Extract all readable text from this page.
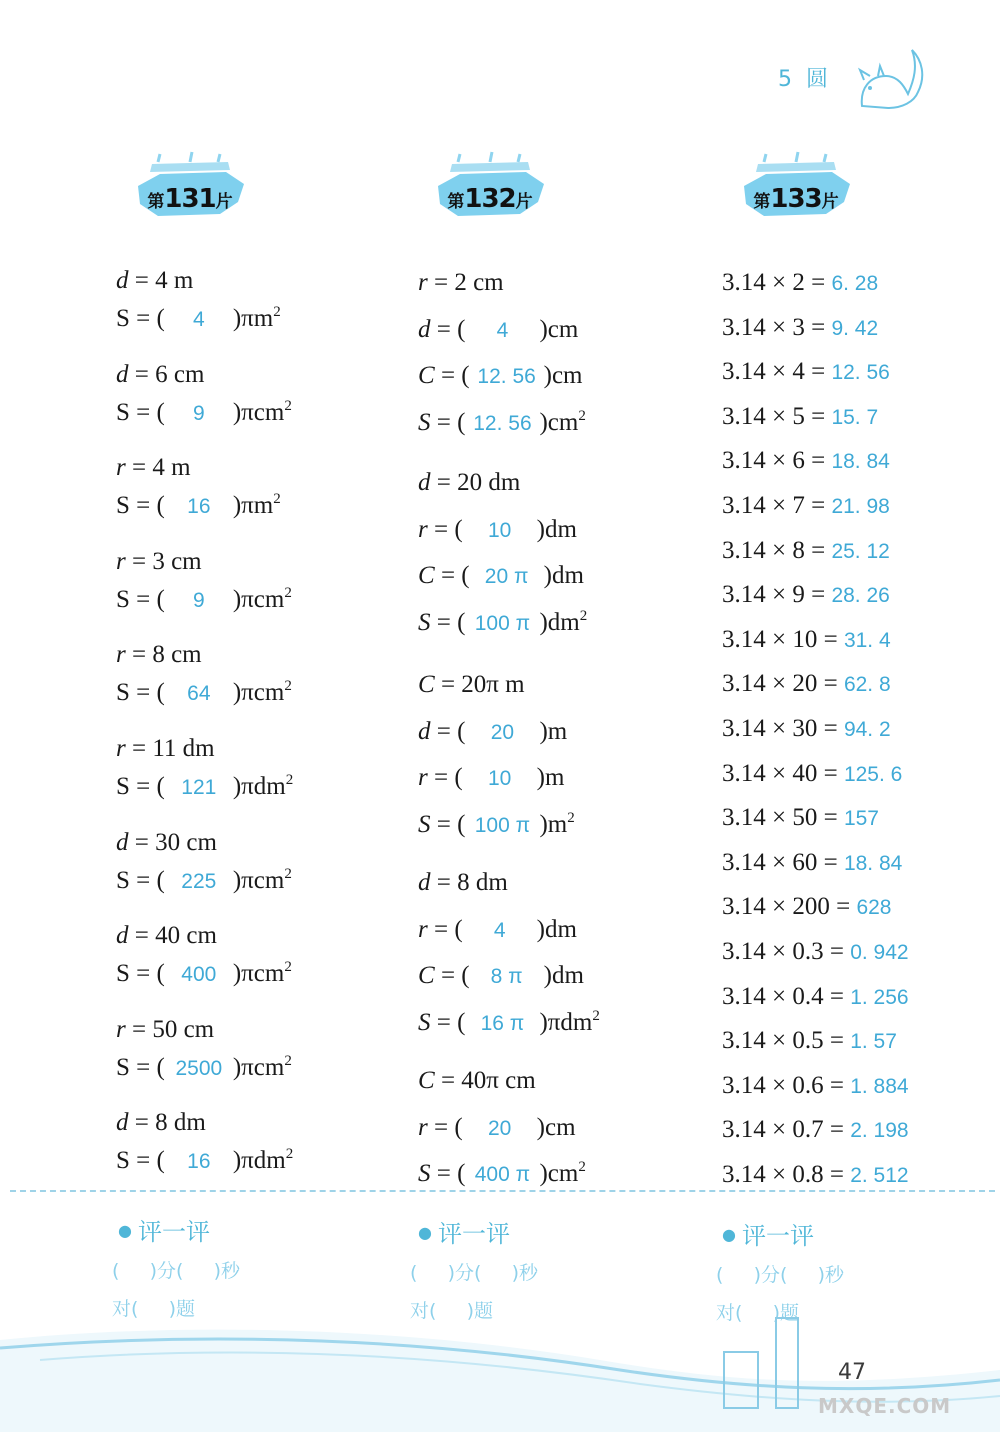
5圆
第131片	第132片	第133片
d = 4 m
S = ( 4 )$\pi m^2$
d = 6 cm
S = ( 9 )πcm$^2$
r = 4 m
S = ( 16 )$\pi m^2$
r = 3 cm
S = ( 9 )πcm$^2$
r = 8 cm
S = ( 64 )πcm$^2$
r = 11 dm
S = ( 121 )πdm$^2$
d = 30 cm
S = ( 225 )πcm$^2$
d = 40 cm
S = ( 400 )πcm$^2$
r = 50 cm
S = ( 2500 )πcm$^2$
d = 8 dm
S = ( 16 )πdm$^2$
r = 2 cm
d = ( 4 )cm
C = ( 12. 56 )cm
S = ( 12. 56 )$cm^2$
d = 20 dm
r = ( 10 )dm
C = ( 20 π )dm
S = ( 100 π )$dm^2$
C = 20π m
d = ( 20 )m
r = ( 10 )m
S = ( 100 π )$m^2$
d = 8 dm
r = ( 4 )dm
C = ( 8 π )dm
S = ( 16 π )πdm$^2$
C = 40π cm
r = ( 20 )cm
S = ( 400 π )$cm^2$
3.14 × 2 = 6. 28
3.14 × 3 = 9. 42
3.14 × 4 = 12. 56
3.14 × 5 = 15. 7
3.14 × 6 = 18. 84
3.14 × 7 = 21. 98
3.14 × 8 = 25. 12
3.14 × 9 = 28. 26
3.14 × 10 = 31. 4
3.14 × 20 = 62. 8
3.14 × 30 = 94. 2
3.14 × 40 = 125. 6
3.14 × 50 = 157
3.14 × 60 = 18. 84
3.14 × 200 = 628
3.14 × 0.3 = 0. 942
3.14 × 0.4 = 1. 256
3.14 × 0.5 = 1. 57
3.14 × 0.6 = 1. 884
3.14 × 0.7 = 2. 198
3.14 × 0.8 = 2. 512
● 评一评
(     )分(     )秒
对(     )题
● 评一评
(     )分(     )秒
对(     )题
● 评一评
(     )分(     )秒
对(     )题
47
MXQE.COM
